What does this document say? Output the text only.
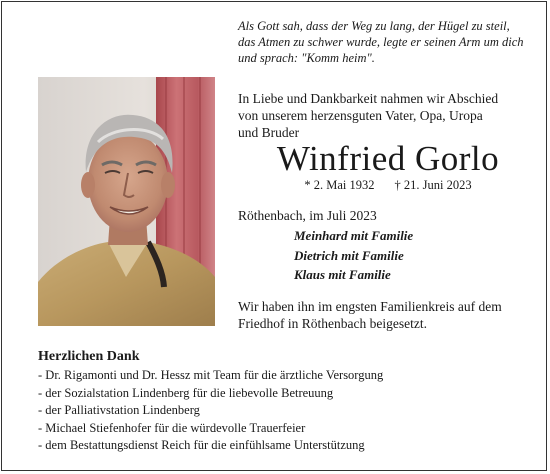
Als Gott sah, dass der Weg zu lang, der Hügel zu steil,
das Atmen zu schwer wurde, legte er seinen Arm um dich
und sprach: "Komm heim".
In Liebe und Dankbarkeit nahmen wir Abschied
von unserem herzensguten Vater, Opa, Uropa
und Bruder
Winfried Gorlo
* 2. Mai 1932 † 21. Juni 2023
Röthenbach, im Juli 2023
Meinhard mit Familie
Dietrich mit Familie
Klaus mit Familie
Wir haben ihn im engsten Familienkreis auf dem
Friedhof in Röthenbach beigesetzt.
Herzlichen Dank
- Dr. Rigamonti und Dr. Hessz mit Team für die ärztliche Versorgung
- der Sozialstation Lindenberg für die liebevolle Betreuung
- der Palliativstation Lindenberg
- Michael Stiefenhofer für die würdevolle Trauerfeier
- dem Bestattungsdienst Reich für die einfühlsame Unterstützung
